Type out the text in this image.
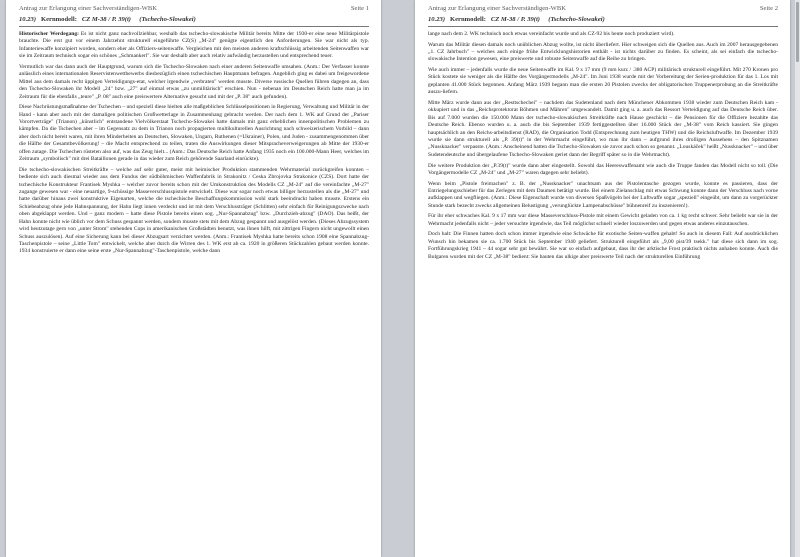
Antrag zur Erlangung einer Sachverständigen-WBK	Seite 1
10.23) Kernmodell: CZ M-38 / P. 39(t) (Tschecho-Slowakei)

Historischer Werdegang: Es ist nicht ganz nachvollziehbar, weshalb das tschecho-slowakische Militär bereits Mitte der 1930-er eine neue Militärpistole brauchte. Die erst gut vor einem Jahrzehnt strukturell eingeführte CZ(S) „M-24" genügte eigentlich den Anforderungen. Sie war nicht als typ. Infanteriewaffe konzipiert worden, sondern eher als Offiziers-seitenwaffe. Vergleichen mit den meisten anderen kraftschlüssig arbeitenden Seitenwaffen war sie im Zeitraum technisch sogar ein schönes „Schmankerl". Sie war deshalb aber auch relativ aufwändig herzustellen und entsprechend teuer.

Vermutlich war das dann auch der Hauptgrund, warum sich die Tschecho-Slowaken nach einer anderen Seitenwaffe umsahen. (Anm.: Der Verfasser konnte anlässlich eines internationalen Reservistenwettbewerbs diesbezüglich einen tschechischen Hauptmann befragen. Angeblich ging es dabei um freigewordene Mittel aus dem damals recht üppigen Verteidigungs-etat, welcher irgendwie „verbraten" werden musste. Diverse russische Quellen führen dagegen an, dass den Tschecho-Slowaken ihr Modell „24" bzw. „27" auf einmal etwas „zu unmilitärisch" erschien. Nun - nebenan im Deutschen Reich hatte man ja im Zeitraum für die ebenfalls „teure" „P. 08" auch eine preiswertere Alternative gesucht und mit der „P. 38" auch gefunden).

Diese Nachrüstungsmaßnahme der Tschechen – und speziell diese hielten alle maßgeblichen Schlüsselpositionen in Regierung, Verwaltung und Militär in der Hand - kann aber auch mit der damaligen politischen Großwetterlage in Zusammenhang gebracht werden. Der nach dem 1. WK auf Grund der „Pariser Vorortverträge" (Trianon) „künstlich" entstandene Vielvölkerstaat Tschecho-Slowakei hatte damals mit ganz erheblichen innenpolitischen Problemen zu kämpfen. Da die Tschechen aber – im Gegensatz zu dem in Trianon noch propagierten multikulturellen Ausrichtung nach schweizerischem Vorbild – dann aber doch nicht bereit waren, mit ihren Minderheiten an Deutschen, Slowaken, Ungarn, Ruthenen (=Ukrainer), Polen, und Juden - zusammengenommen über die Hälfte der Gesamtbevölkerung! – die Macht entsprechend zu teilen, traten die Auswirkungen dieser Mitspracheverweigerungen ab Mitte der 1930-er offen zutage. Die Tschechen rüsteten also auf, was das Zeug hielt... (Anm.: Das Deutsche Reich hatte Anfang 1935 noch ein 100.000-Mann Heer, welches im Zeitraum „symbolisch" mit drei Bataillonen gerade in das wieder zum Reich gehörende Saarland einrückte).

Die tschecho-slowakischen Streitkräfte – welche auf sehr guter, meist mit heimischer Produktion stammenden Wehrmaterial zurückgreifen konnten – bediente sich auch diesmal wieder aus dem Fundus der südböhmischen Waffenfabrik in Strakonitz / Ceska Zbrojovka Strakonice (CZS). Dort hatte der tschechische Konstrukteur Frantisek Myshka – welcher zuvor bereits schon mit der Umkonstruktion des Modells CZ „M-24" auf die vereinfachte „M-27" zugange gewesen war - eine neuartige, 9-schüssige Masseverschlusspistole entwickelt. Diese war sogar noch etwas billiger herzustellen als die „M-27" und hatte darüber hinaus zwei konstruktive Eigenarten, welche die tschechische Beschaffungskommission wohl stark beeindruckt haben musste. Erstens ein Schiebeabzug ohne jede Hahnspannung, der Hahn liegt innen verdeckt und ist mit dem Verschlussträger (Schlitten) sehr einfach für Reinigungszwecke nach oben abgeklappt werden. Und – ganz modern – hatte diese Pistole bereits einen sog. „Nur-Spannabzug" bzw. „Durchzieh-abzug" (DAO). Das heißt, der Hahn konnte nicht wie üblich vor dem Schuss gespannt werden, sondern musste stets mit dem Abzug gespannt und ausgelöst werden. (Dieses Abzugssystem wird heutzutage gern von „unter Strom" stehenden Cops in amerikanischen Großstädten benutzt, was ihnen hilft, mit zittrigen Fingern nicht ungewollt einen Schuss auszulösen). Auf eine Sicherung kann bei dieser Abzugsart verzichtet werden. (Anm.: Frantisek Myshka hatte bereits schon 1908 eine Spannabzug-Taschenpistole – seine „Little Tom" entwickelt, welche aber durch die Wirren des 1. WK erst ab ca. 1920 in größeren Stückzahlen gebaut werden konnte. 1934 konstruierte er dann eine seine erste „Nur-Spannabzug"-Taschenpistole, welche dann

Antrag zur Erlangung einer Sachverständigen-WBK	Seite 2
10.23) Kernmodell: CZ M-38 / P. 39(t) (Tschecho-Slowakei)

lange nach dem 2. WK technisch noch etwas vereinfacht wurde und als CZ-92 bis heute noch produziert wird).

Warum das Militär diesen damals noch unüblichen Abzug wollte, ist nicht überliefert. Hier schweigen sich die Quellen aus. Auch im 2007 herausgegebenen „1. CZ Jahrbuch" – welches auch einige frühe Entwicklungshistorien enthält - ist nichts darüber zu finden. Es scheint, als sei einfach die tschecho-slowakische Intention gewesen, eine preiswerte und robuste Seitenwaffe auf die Reihe zu bringen.

Wie auch immer – jedenfalls wurde die neue Seitenwaffe im Kal. 9 x 17 mm (9 mm kurz / .380 ACP) militärisch strukturell eingeführt. Mit 270 Kronen pro Stück kostete sie weniger als die Hälfte des Vorgängermodells „M-24". Im Juni 1938 wurde mit der Vorbereitung der Serien-produktion für das 1. Los mit geplanten 41.000 Stück begonnen. Anfang März 1939 begann man die ersten 20 Pistolen zwecks der obligatorischen Truppenerprobung an die Streitkräfte auszu-liefern.

Mitte März wurde dann aus der „Resttschechei" – nachdem das Sudetenland nach dem Münchener Abkommen 1938 wieder zum Deutschen Reich kam - okkupiert und in das „Reichsprotektorat Böhmen und Mähren" umgewandelt. Damit ging u. a. auch das Ressort Verteidigung auf das Deutsche Reich über. Bis auf 7.000 wurden die 150.000 Mann der tschecho-slowakischen Streitkräfte nach Hause geschickt – die Pensionen für die Offiziere bezahlte das Deutsche Reich. Ebenso wurden u. a. auch die bis September 1939 fertiggestellten über 16.000 Stück der „M-38" vom Reich kassiert. Sie gingen hauptsächlich an den Reichs-arbeitsdienst (RAD), die Organisation Todd (Entsprechnung zum heutigen THW) und die Reichsluftwaffe. Im Dezember 1939 wurde sie dann strukturell als „P. 39(t)" in der Wehrmacht eingeführt, wo man ihr dann – aufgrund ihres drolligen Aussehens – den Spitznamen „Nussknacker" verpasste. (Anm.: Anscheinend hatten die Tschecho-Slowaken sie zuvor auch schon so genannt. „Louskáček" heißt „Nussknacker" – und über Sudetendeutsche und übergelaufene Tschecho-Slowaken geriet dann der Begriff später so in die Wehrmacht).

Die weitere Produktion der „P.39(t)" wurde dann aber eingestellt. Sowohl das Heereswaffenamt wie auch die Truppe fanden das Modell nicht so toll. (Die Vorgängermodelle CZ „M-24" und „M-27" waren dagegen sehr beliebt).

Wenn beim „Pistole freimachen" z. B. der „Nussknacker" unachtsam aus der Pistolentasche gezogen wurde, konnte es passieren, dass der Entriegelungsschieber für das Zerlegen mit dem Daumen betätigt wurde. Bei einem Zielanschlag mit etwas Schwung konnte dann der Verschluss nach vorne aufklappen und wegfliegen. (Anm.: Diese Eigenschaft wurde von diversen Spaßvögeln bei der Luftwaffe sogar „speziell" eingeübt, um dann zu vorgerückter Stunde stark bezecht zwecks allgemeinen Belustigung „verunglückte Lampenabschüsse" bühnenreif zu inszenieren!).

Für ihr eher schwaches Kal. 9 x 17 mm war diese Masseverschluss-Pistole mit einem Gewicht geladen von ca. 1 kg recht schwer. Sehr beliebt war sie in der Wehrmacht jedenfalls nicht – jeder versuchte irgendwie, das Teil möglichst schnell wieder loszuwerden und gegen etwas anderes einzutauschen.

Doch halt: Die Finnen hatten doch schon immer irgendwie eine Schwäche für exotische Seiten-waffen gehabt! So auch in diesem Fall: Auf ausdrücklichen Wunsch hin bekamen sie ca. 1.700 Stück bis September 1940 geliefert. Strukturell eingeführt als „9,00 pist/39 tsekk." hat diese sich dann im sog. Fortführungskrieg 1941 – 44 sogar sehr gut bewährt. Sie war so einfach aufgebaut, dass ihr der arktische Frost praktisch nichts anhaben konnte. Auch die Bulgaren wurden mit der CZ „M-38" bedient: Sie bauten das ulkige aber preiswerte Teil nach der strukturellen Einführung
